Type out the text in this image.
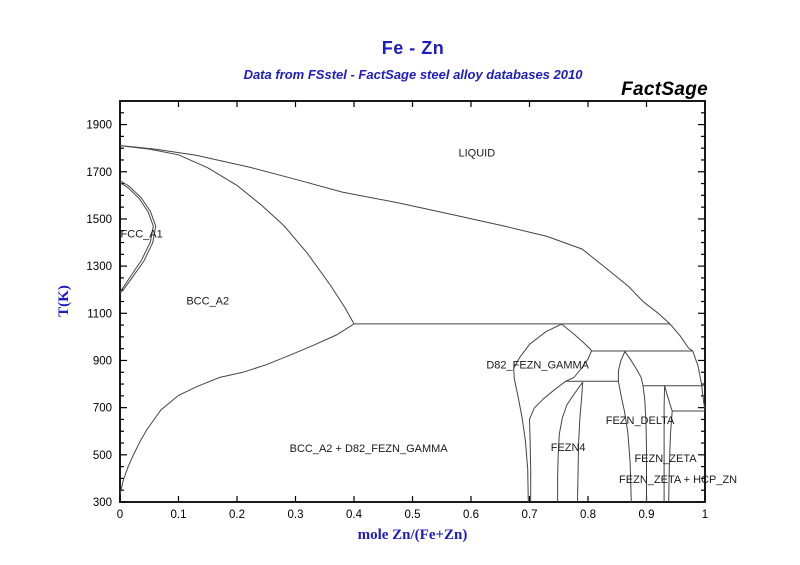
Fe - Zn
Data from FSstel - FactSage steel alloy databases 2010
FactSage
0	0.1	0.2	0.3	0.4	0.5	0.6	0.7	0.8	0.9	1
300
500
700
900
1100
1300
1500
1700
1900
LIQUID
FCC_A1
BCC_A2
BCC_A2 + D82_FEZN_GAMMA
D82_FEZN_GAMMA
FEZN4
FEZN_DELTA
FEZN_ZETA
FEZN_ZETA + HCP_ZN
mole Zn/(Fe+Zn)
T(K)
